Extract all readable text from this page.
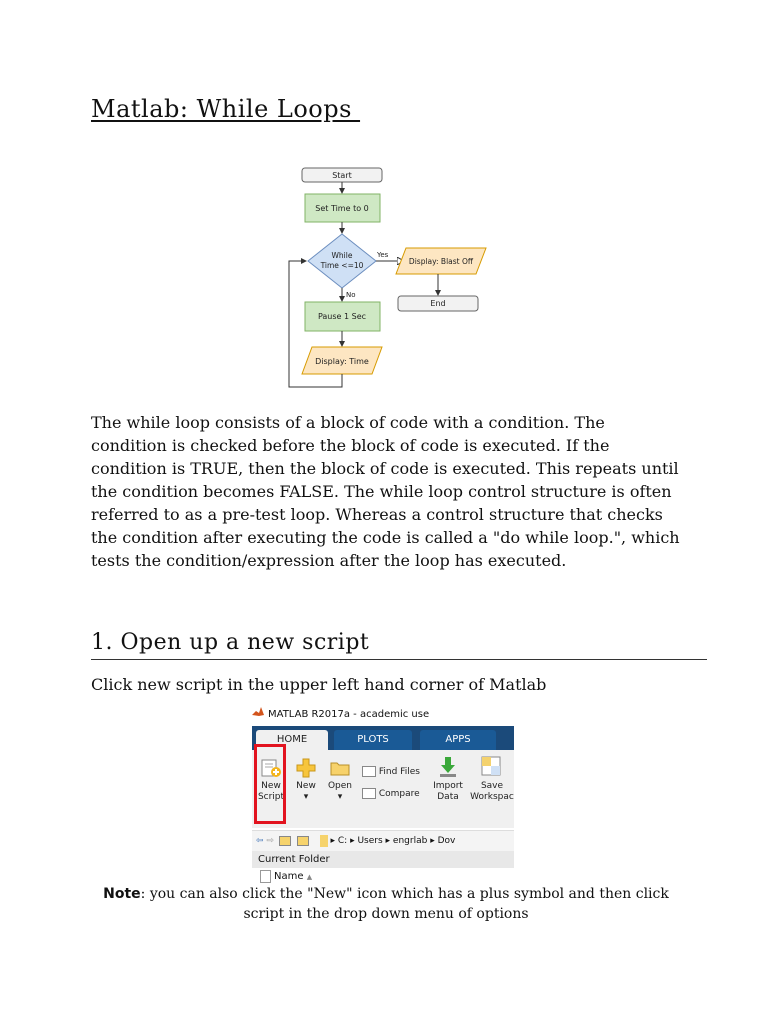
Matlab: While Loops
Start
Set Time to 0
While
Time <=10
Yes
Display: Blast Off
End
No
Pause 1 Sec
Display: Time

The while loop consists of a block of code with a condition. The condition is checked before the block of code is executed. If the condition is TRUE, then the block of code is executed. This repeats until the condition becomes FALSE. The while loop control structure is often referred to as a pre-test loop. Whereas a control structure that checks the condition after executing the code is called a "do while loop.", which tests the condition/expression after the loop has executed.

1. Open up a new script

Click new script in the upper left hand corner of Matlab

MATLAB R2017a - academic use
HOME	PLOTS	APPS
New
Script
New
▾
Open
▾
Find Files
Compare
Import
Data
Save
Workspac
⇦ ⇨	▸ C: ▸ Users ▸ engrlab ▸ Dov
Current Folder
Name ▲

Note: you can also click the "New" icon which has a plus symbol and then click script in the drop down menu of options
